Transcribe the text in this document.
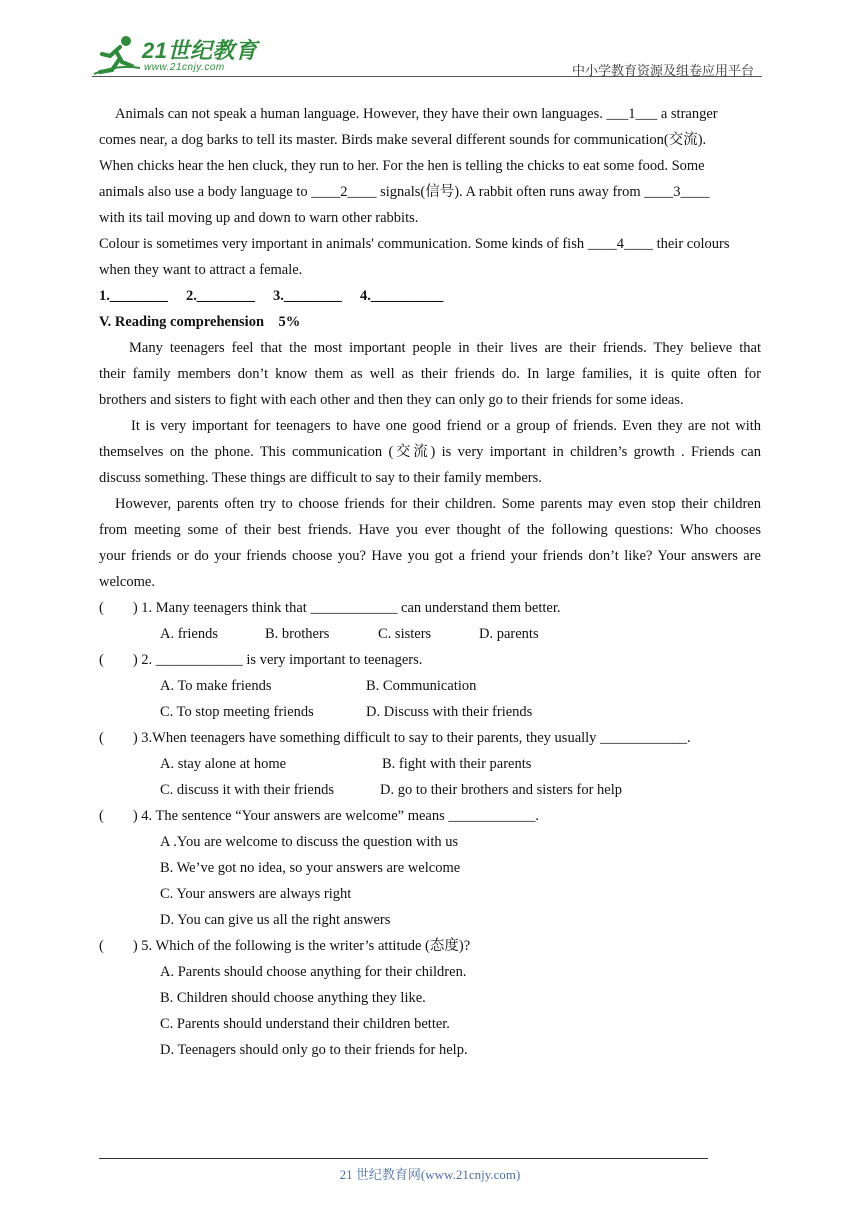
21世纪教育
www.21cnjy.com	中小学教育资源及组卷应用平台
Animals can not speak a human language. However, they have their own languages. ___1___ a stranger
comes near, a dog barks to tell its master. Birds make several different sounds for communication(交流).
When chicks hear the hen cluck, they run to her. For the hen is telling the chicks to eat some food. Some
animals also use a body language to ____2____ signals(信号). A rabbit often runs away from ____3____
with its tail moving up and down to warn other rabbits.
Colour is sometimes very important in animals' communication. Some kinds of fish ____4____ their colours
when they want to attract a female.
1.________     2.________     3.________     4.__________
V. Reading comprehension    5%
Many teenagers feel that the most important people in their lives are their friends. They believe that
their family members don’t know them as well as their friends do. In large families, it is quite often for
brothers and sisters to fight with each other and then they can only go to their friends for some ideas.
It is very important for teenagers to have one good friend or a group of friends. Even they are not with
themselves on the phone. This communication (交流) is very important in children’s growth . Friends can
discuss something. These things are difficult to say to their family members.
However, parents often try to choose friends for their children. Some parents may even stop their children
from meeting some of their best friends. Have you ever thought of the following questions: Who chooses
your friends or do your friends choose you? Have you got a friend your friends don’t like? Your answers are
welcome.
(        ) 1. Many teenagers think that ____________ can understand them better.
A. friends	B. brothers	C. sisters	D. parents
(        ) 2. ____________ is very important to teenagers.
A. To make friends	B. Communication
C. To stop meeting friends	D. Discuss with their friends
(        ) 3.When teenagers have something difficult to say to their parents, they usually ____________.
A. stay alone at home	B. fight with their parents
C. discuss it with their friends	D. go to their brothers and sisters for help
(        ) 4. The sentence “Your answers are welcome” means ____________.
A .You are welcome to discuss the question with us
B. We’ve got no idea, so your answers are welcome
C. Your answers are always right
D. You can give us all the right answers
(        ) 5. Which of the following is the writer’s attitude (态度)?
A. Parents should choose anything for their children.
B. Children should choose anything they like.
C. Parents should understand their children better.
D. Teenagers should only go to their friends for help.
21 世纪教育网(www.21cnjy.com)
